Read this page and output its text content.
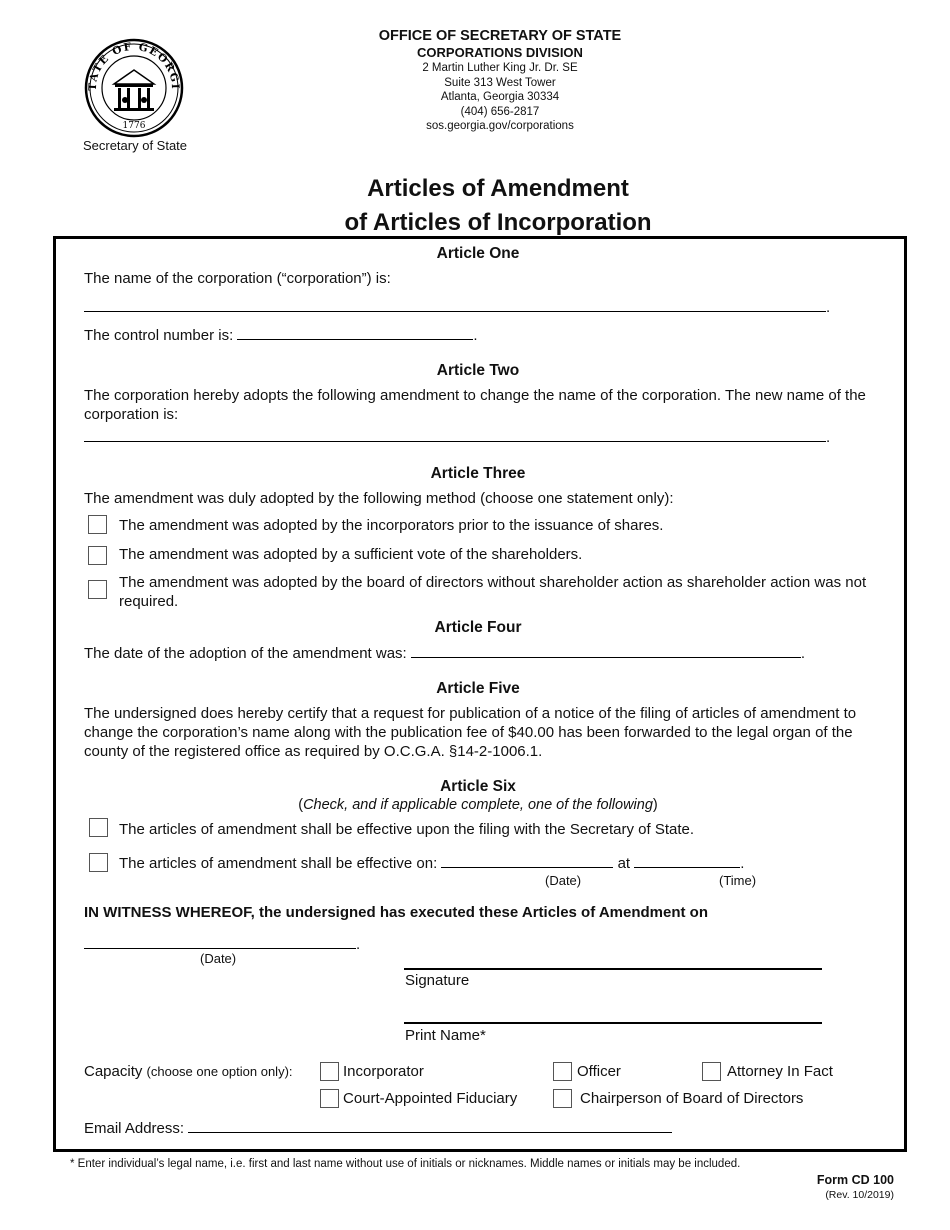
TATE OF GEORGI
1776
Secretary of State
OFFICE OF SECRETARY OF STATE
CORPORATIONS DIVISION
2 Martin Luther King Jr. Dr. SE
Suite 313 West Tower
Atlanta, Georgia 30334
(404) 656-2817
sos.georgia.gov/corporations
Articles of Amendment
of Articles of Incorporation
Article One
The name of the corporation (“corporation”) is:
.
The control number is:	.
Article Two
The corporation hereby adopts the following amendment to change the name of the corporation. The new name of the corporation is:
.
Article Three
The amendment was duly adopted by the following method (choose one statement only):
The amendment was adopted by the incorporators prior to the issuance of shares.
The amendment was adopted by a sufficient vote of the shareholders.
The amendment was adopted by the board of directors without shareholder action as shareholder action was not required.
Article Four
The date of the adoption of the amendment was:	.
Article Five
The undersigned does hereby certify that a request for publication of a notice of the filing of articles of amendment to change the corporation’s name along with the publication fee of $40.00 has been forwarded to the legal organ of the county of the registered office as required by O.C.G.A. §14-2-1006.1.
Article Six
(Check, and if applicable complete, one of the following)
The articles of amendment shall be effective upon the filing with the Secretary of State.
The articles of amendment shall be effective on:	at	.
(Date)	(Time)
IN WITNESS WHEREOF, the undersigned has executed these Articles of Amendment on
.
(Date)
Signature
Print Name*
Capacity (choose one option only):	Incorporator	Officer	Attorney In Fact
Court-Appointed Fiduciary	Chairperson of Board of Directors
Email Address:
* Enter individual’s legal name, i.e. first and last name without use of initials or nicknames. Middle names or initials may be included.
Form CD 100
(Rev. 10/2019)
